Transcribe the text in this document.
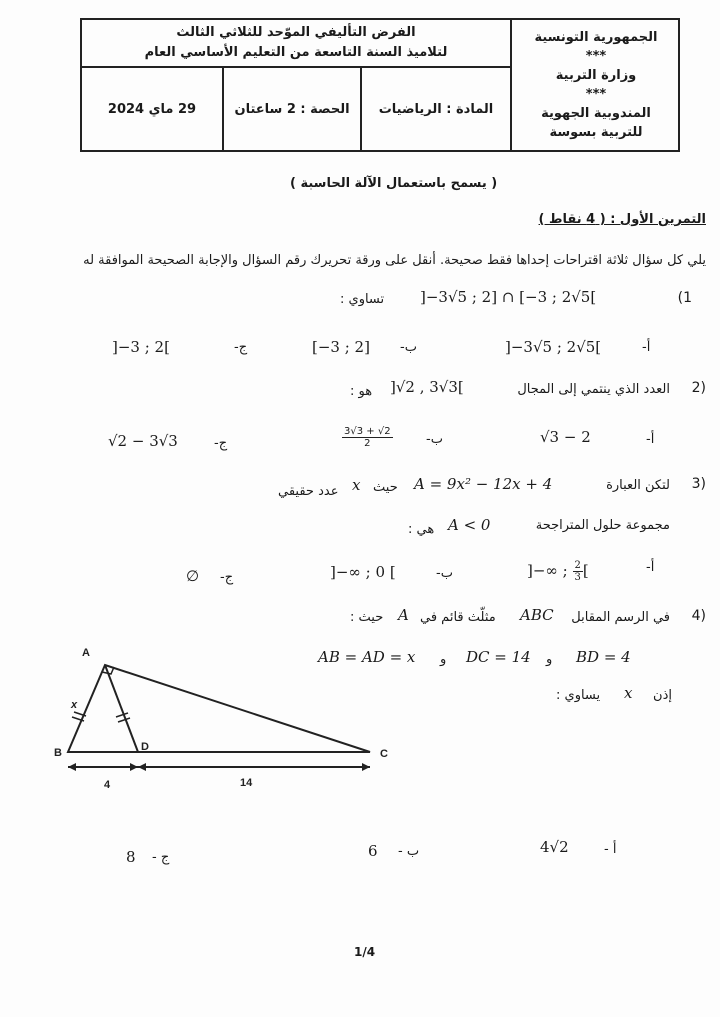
الجمهورية التونسية
***
وزارة التربية
***
المندوبية الجهوية
للتربية بسوسة
الفرض التأليفي الموّحد للثلاثي الثالث
لتلاميذ السنة التاسعة من التعليم الأساسي العام
المادة : الرياضيات
الحصة : 2 ساعتان
29 ماي 2024
( يسمح باستعمال الآلة الحاسبة )
التمرين الأول : ( 4 نقاط )
يلي كل سؤال ثلاثة اقتراحات إحداها فقط صحيحة. أنقل على ورقة تحريرك رقم السؤال والإجابة الصحيحة الموافقة له
(1
]−3√5 ; 2] ∩ [−3 ; 2√5[
تساوي :
أ-
]−3√5 ; 2√5[
ب-
[−3 ; 2]
ج-
]−3 ; 2[
2)
العدد الذي ينتمي إلى المجال
]√2 , 3√3[
هو :
أ-
√3 − 2
ب-
$\frac{3√3 + √2}{2}$
ج-
√2 − 3√3
3)
لتكن العبارة
A = 9x² − 12x + 4
حيث
x
عدد حقيقي
مجموعة حلول المتراجحة
A < 0
هي :
أ-
]−∞ ; $\frac{2}{3}$ [
ب-
]−∞ ; 0 [
ج-
∅
4)
في الرسم المقابل
ABC
مثلّث قائم في
A
حيث :
BD = 4
و
DC = 14
و
AB = AD = x
إذن
x
يساوي :
A
B	D
C
x
4	14
أ -
4√2
ب -
6
ج -
8
1/4
